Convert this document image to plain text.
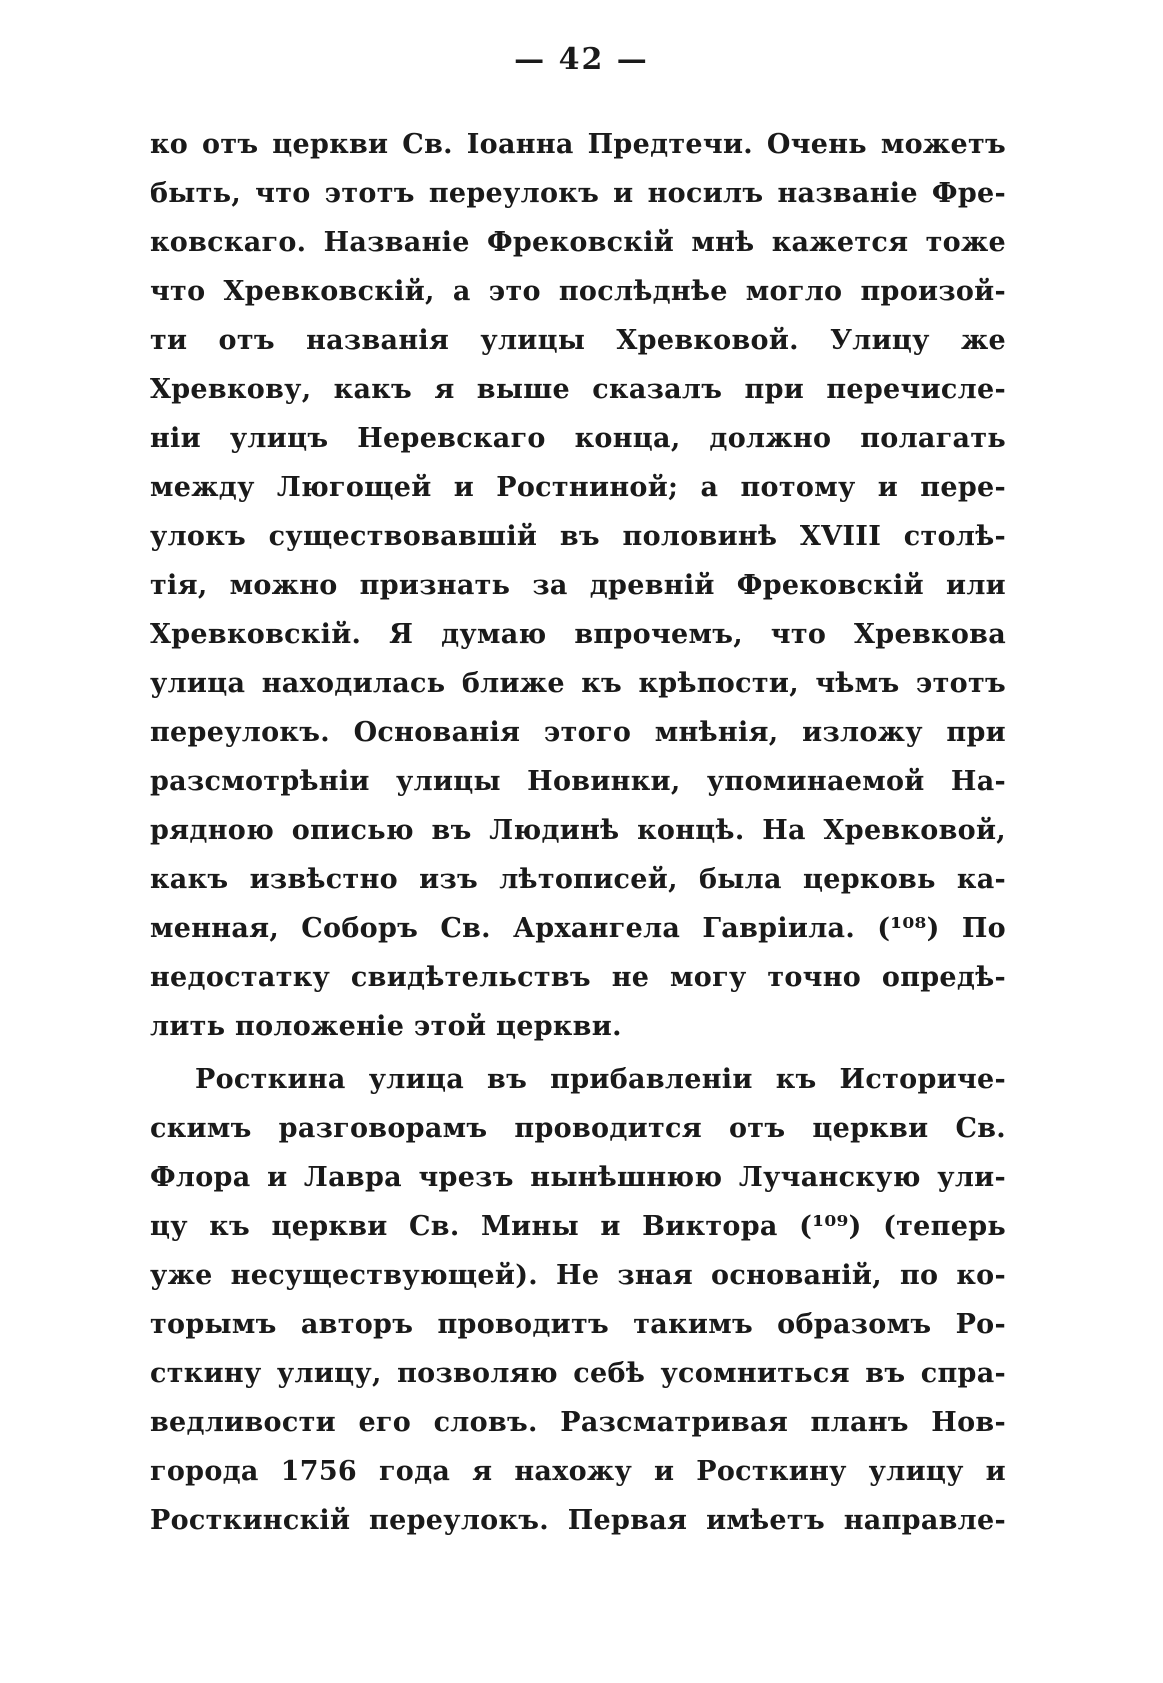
— 42 —
ко отъ церкви Св. Іоанна Предтечи. Очень можетъ
быть, что этотъ переулокъ и носилъ названіе Фре-
ковскаго. Названіе Фрековскій мнѣ кажется тоже
что Хревковскій, а это послѣднѣе могло произой-
ти отъ названія улицы Хревковой. Улицу же
Хревкову, какъ я выше сказалъ при перечисле-
ніи улицъ Неревскаго конца, должно полагать
между Люгощей и Ростниной; а потому и пере-
улокъ существовавшій въ половинѣ XVIII столѣ-
тія, можно признать за древній Фрековскій или
Хревковскій. Я думаю впрочемъ, что Хревкова
улица находилась ближе къ крѣпости, чѣмъ этотъ
переулокъ. Основанія этого мнѣнія, изложу при
разсмотрѣніи улицы Новинки, упоминаемой На-
рядною описью въ Людинѣ концѣ. На Хревковой,
какъ извѣстно изъ лѣтописей, была церковь ка-
менная, Соборъ Св. Архангела Гавріила. (¹⁰⁸) По
недостатку свидѣтельствъ не могу точно опредѣ-
лить положеніе этой церкви.
Росткина улица въ прибавленіи къ Историче-
скимъ разговорамъ проводится отъ церкви Св.
Флора и Лавра чрезъ нынѣшнюю Лучанскую ули-
цу къ церкви Св. Мины и Виктора (¹⁰⁹) (теперь
уже несуществующей). Не зная основаній, по ко-
торымъ авторъ проводитъ такимъ образомъ Ро-
сткину улицу, позволяю себѣ усомниться въ спра-
ведливости его словъ. Разсматривая планъ Нов-
города 1756 года я нахожу и Росткину улицу и
Росткинскій переулокъ. Первая имѣетъ направле-
